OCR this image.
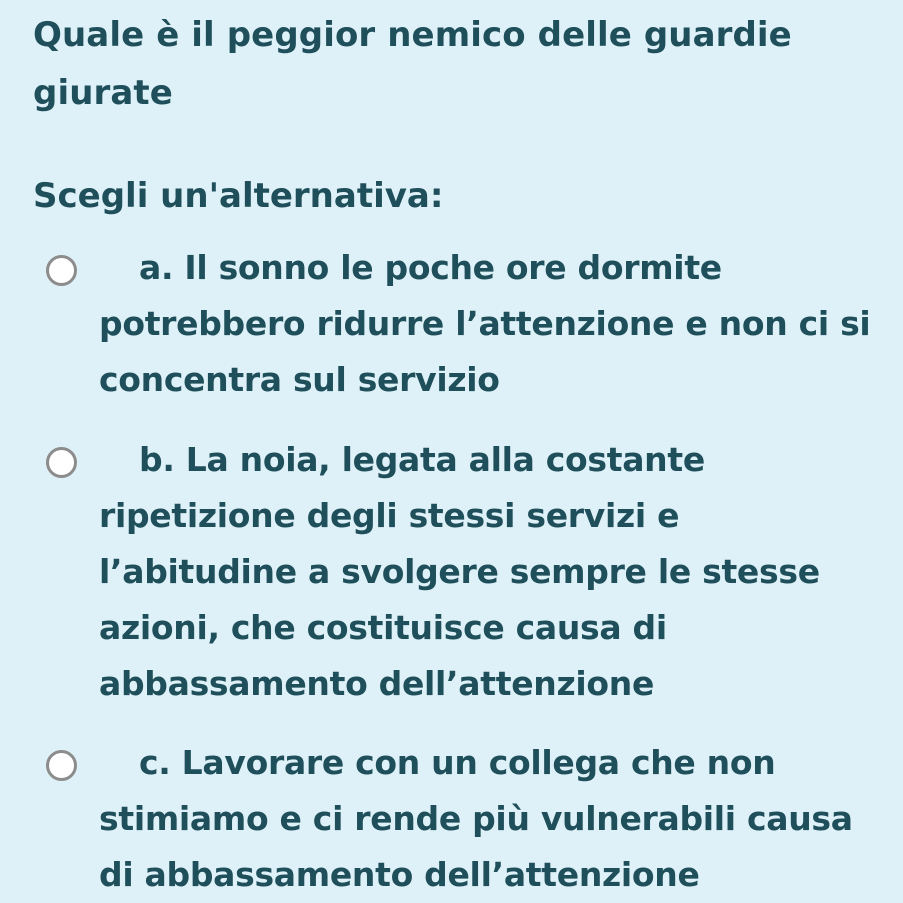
Quale è il peggior nemico delle guardie giurate
Scegli un'alternativa:

a. Il sonno le poche ore dormite potrebbero ridurre l’attenzione e non ci si concentra sul servizio

b. La noia, legata alla costante ripetizione degli stessi servizi e l’abitudine a svolgere sempre le stesse azioni, che costituisce causa di abbassamento dell’attenzione

c. Lavorare con un collega che non stimiamo e ci rende più vulnerabili causa di abbassamento dell’attenzione
